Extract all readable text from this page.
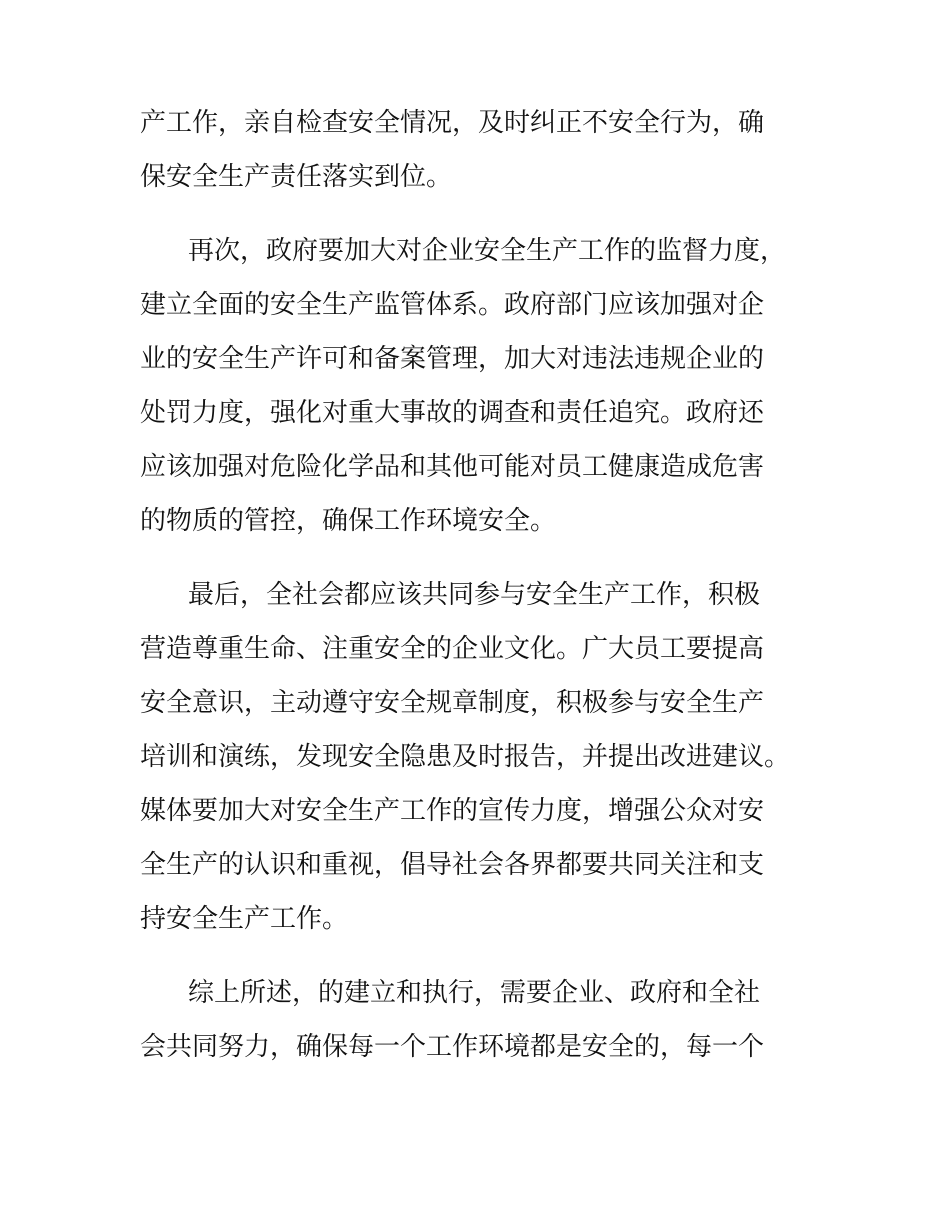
产工作，亲自检查安全情况，及时纠正不安全行为，确
保安全生产责任落实到位。
再次，政府要加大对企业安全生产工作的监督力度，
建立全面的安全生产监管体系。政府部门应该加强对企
业的安全生产许可和备案管理，加大对违法违规企业的
处罚力度，强化对重大事故的调查和责任追究。政府还
应该加强对危险化学品和其他可能对员工健康造成危害
的物质的管控，确保工作环境安全。
最后，全社会都应该共同参与安全生产工作，积极
营造尊重生命、注重安全的企业文化。广大员工要提高
安全意识，主动遵守安全规章制度，积极参与安全生产
培训和演练，发现安全隐患及时报告，并提出改进建议。
媒体要加大对安全生产工作的宣传力度，增强公众对安
全生产的认识和重视，倡导社会各界都要共同关注和支
持安全生产工作。
综上所述，的建立和执行，需要企业、政府和全社
会共同努力，确保每一个工作环境都是安全的，每一个
